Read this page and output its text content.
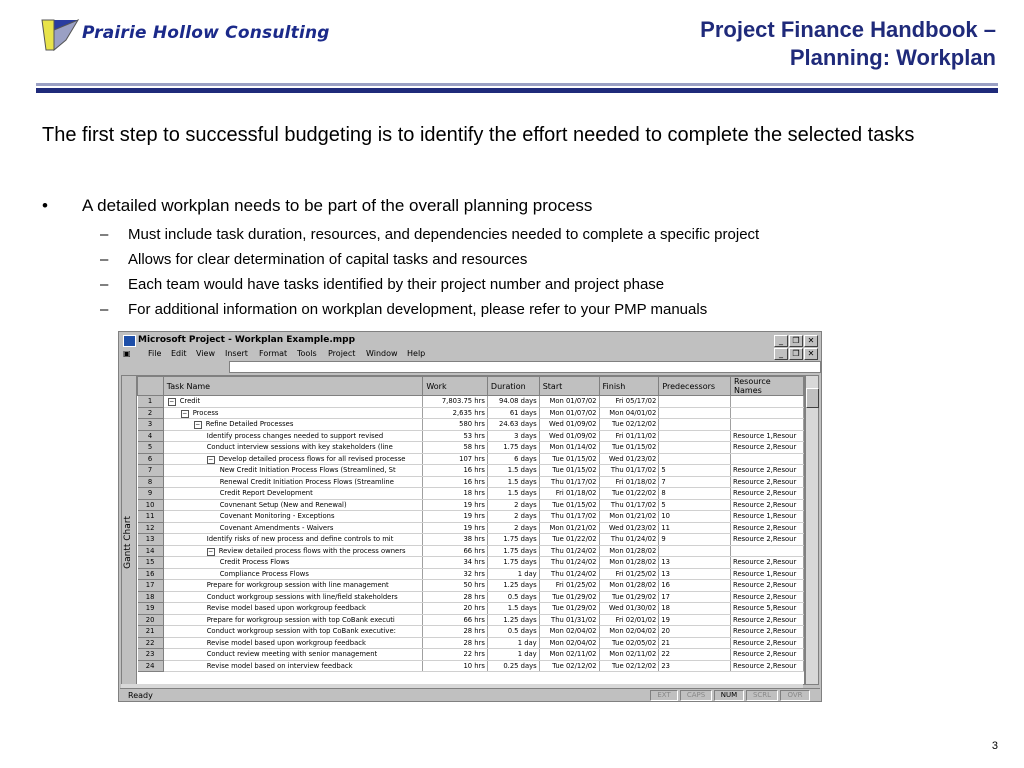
Prairie Hollow Consulting	Project Finance Handbook –
Planning: Workplan
The first step to successful budgeting is to identify the effort needed to complete the selected tasks
• A detailed workplan needs to be part of the overall planning process
– Must include task duration, resources, and dependencies needed to complete a specific project
– Allows for clear determination of capital tasks and resources
– Each team would have tasks identified by their project number and project phase
– For additional information on workplan development, please refer to your PMP manuals
Microsoft Project - Workplan Example.mpp	_	❐	✕
▣ File Edit View Insert Format Tools Project Window Help	_	❐	✕
Gantt Chart
	Task Name	Work	Duration	Start	Finish	Predecessors	Resource Names
1	− Credit	7,803.75 hrs	94.08 days	Mon 01/07/02	Fri 05/17/02		
2	− Process	2,635 hrs	61 days	Mon 01/07/02	Mon 04/01/02		
3	− Refine Detailed Processes	580 hrs	24.63 days	Wed 01/09/02	Tue 02/12/02		
4	Identify process changes needed to support revised	53 hrs	3 days	Wed 01/09/02	Fri 01/11/02		Resource 1,Resour
5	Conduct interview sessions with key stakeholders (line	58 hrs	1.75 days	Mon 01/14/02	Tue 01/15/02		Resource 2,Resour
6	− Develop detailed process flows for all revised processe	107 hrs	6 days	Tue 01/15/02	Wed 01/23/02		
7	New Credit Initiation Process Flows (Streamlined, St	16 hrs	1.5 days	Tue 01/15/02	Thu 01/17/02	5	Resource 2,Resour
8	Renewal Credit Initiation Process Flows (Streamline	16 hrs	1.5 days	Thu 01/17/02	Fri 01/18/02	7	Resource 2,Resour
9	Credit Report Development	18 hrs	1.5 days	Fri 01/18/02	Tue 01/22/02	8	Resource 2,Resour
10	Covnenant Setup (New and Renewal)	19 hrs	2 days	Tue 01/15/02	Thu 01/17/02	5	Resource 2,Resour
11	Covenant Monitoring - Exceptions	19 hrs	2 days	Thu 01/17/02	Mon 01/21/02	10	Resource 1,Resour
12	Covenant Amendments - Waivers	19 hrs	2 days	Mon 01/21/02	Wed 01/23/02	11	Resource 2,Resour
13	Identify risks of new process and define controls to mit	38 hrs	1.75 days	Tue 01/22/02	Thu 01/24/02	9	Resource 2,Resour
14	− Review detailed process flows with the process owners	66 hrs	1.75 days	Thu 01/24/02	Mon 01/28/02		
15	Credit Process Flows	34 hrs	1.75 days	Thu 01/24/02	Mon 01/28/02	13	Resource 2,Resour
16	Compliance Process Flows	32 hrs	1 day	Thu 01/24/02	Fri 01/25/02	13	Resource 1,Resour
17	Prepare for workgroup session with line management	50 hrs	1.25 days	Fri 01/25/02	Mon 01/28/02	16	Resource 2,Resour
18	Conduct workgroup sessions with line/field stakeholders	28 hrs	0.5 days	Tue 01/29/02	Tue 01/29/02	17	Resource 2,Resour
19	Revise model based upon workgroup feedback	20 hrs	1.5 days	Tue 01/29/02	Wed 01/30/02	18	Resource 5,Resour
20	Prepare for workgroup session with top CoBank executi	66 hrs	1.25 days	Thu 01/31/02	Fri 02/01/02	19	Resource 2,Resour
21	Conduct workgroup session with top CoBank executive:	28 hrs	0.5 days	Mon 02/04/02	Mon 02/04/02	20	Resource 2,Resour
22	Revise model based upon workgroup feedback	28 hrs	1 day	Mon 02/04/02	Tue 02/05/02	21	Resource 2,Resour
23	Conduct review meeting with senior management	22 hrs	1 day	Mon 02/11/02	Mon 02/11/02	22	Resource 2,Resour
24	Revise model based on interview feedback	10 hrs	0.25 days	Tue 02/12/02	Tue 02/12/02	23	Resource 2,Resour
Ready	EXT	CAPS	NUM	SCRL	OVR
3
